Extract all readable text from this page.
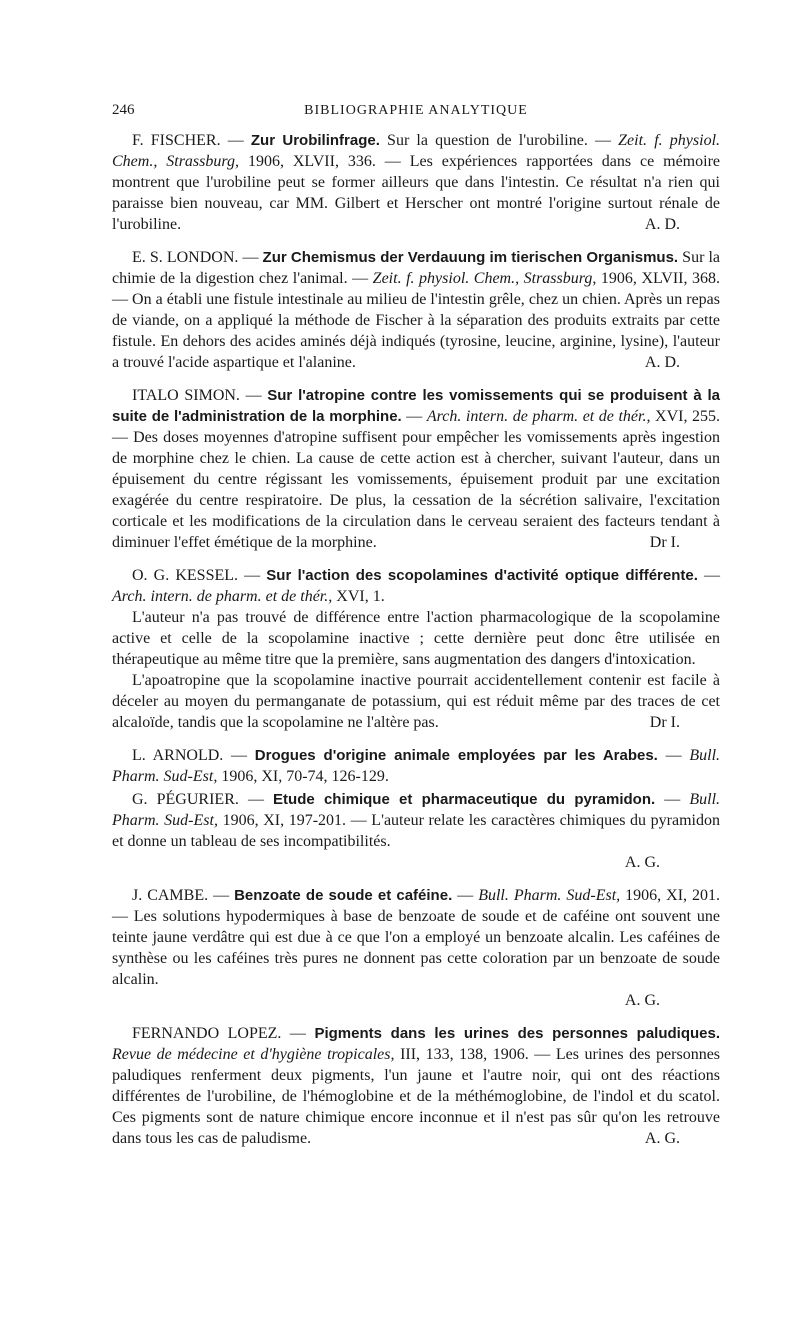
246	BIBLIOGRAPHIE ANALYTIQUE

F. FISCHER. — Zur Urobilinfrage. Sur la question de l'urobiline. — Zeit. f. physiol. Chem., Strassburg, 1906, XLVII, 336. — Les expériences rapportées dans ce mémoire montrent que l'urobiline peut se former ailleurs que dans l'intestin. Ce résultat n'a rien qui paraisse bien nouveau, car MM. Gilbert et Herscher ont montré l'origine surtout rénale de l'urobiline.	A. D.

E. S. LONDON. — Zur Chemismus der Verdauung im tierischen Organismus. Sur la chimie de la digestion chez l'animal. — Zeit. f. physiol. Chem., Strassburg, 1906, XLVII, 368. — On a établi une fistule intestinale au milieu de l'intestin grêle, chez un chien. Après un repas de viande, on a appliqué la méthode de Fischer à la séparation des produits extraits par cette fistule. En dehors des acides aminés déjà indiqués (tyrosine, leucine, arginine, lysine), l'auteur a trouvé l'acide aspartique et l'alanine.	A. D.

ITALO SIMON. — Sur l'atropine contre les vomissements qui se produisent à la suite de l'administration de la morphine. — Arch. intern. de pharm. et de thér., XVI, 255. — Des doses moyennes d'atropine suffisent pour empêcher les vomissements après ingestion de morphine chez le chien. La cause de cette action est à chercher, suivant l'auteur, dans un épuisement du centre régissant les vomissements, épuisement produit par une excitation exagérée du centre respiratoire. De plus, la cessation de la sécrétion salivaire, l'excitation corticale et les modifications de la circulation dans le cerveau seraient des facteurs tendant à diminuer l'effet émétique de la morphine.	Dr I.

O. G. KESSEL. — Sur l'action des scopolamines d'activité optique différente. — Arch. intern. de pharm. et de thér., XVI, 1.

L'auteur n'a pas trouvé de différence entre l'action pharmacologique de la scopolamine active et celle de la scopolamine inactive ; cette dernière peut donc être utilisée en thérapeutique au même titre que la première, sans augmentation des dangers d'intoxication.

L'apoatropine que la scopolamine inactive pourrait accidentellement contenir est facile à déceler au moyen du permanganate de potassium, qui est réduit même par des traces de cet alcaloïde, tandis que la scopolamine ne l'altère pas.	Dr I.

L. ARNOLD. — Drogues d'origine animale employées par les Arabes. — Bull. Pharm. Sud-Est, 1906, XI, 70-74, 126-129.

G. PÉGURIER. — Etude chimique et pharmaceutique du pyramidon. — Bull. Pharm. Sud-Est, 1906, XI, 197-201. — L'auteur relate les caractères chimiques du pyramidon et donne un tableau de ses incompatibilités.

A. G.

J. CAMBE. — Benzoate de soude et caféine. — Bull. Pharm. Sud-Est, 1906, XI, 201. — Les solutions hypodermiques à base de benzoate de soude et de caféine ont souvent une teinte jaune verdâtre qui est due à ce que l'on a employé un benzoate alcalin. Les caféines de synthèse ou les caféines très pures ne donnent pas cette coloration par un benzoate de soude alcalin.

A. G.

FERNANDO LOPEZ. — Pigments dans les urines des personnes paludiques. Revue de médecine et d'hygiène tropicales, III, 133, 138, 1906. — Les urines des personnes paludiques renferment deux pigments, l'un jaune et l'autre noir, qui ont des réactions différentes de l'urobiline, de l'hémoglobine et de la méthémoglobine, de l'indol et du scatol. Ces pigments sont de nature chimique encore inconnue et il n'est pas sûr qu'on les retrouve dans tous les cas de paludisme.	A. G.
